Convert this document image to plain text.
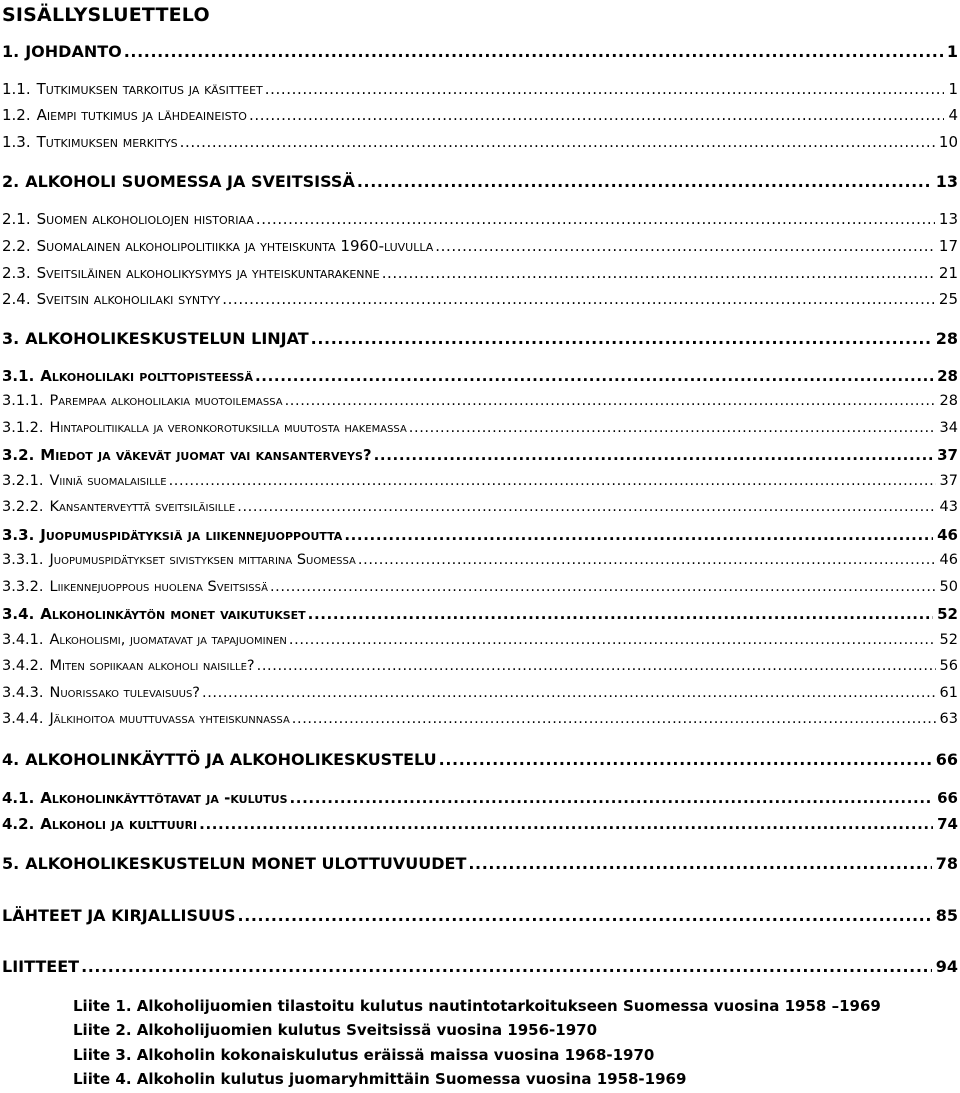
SISÄLLYSLUETTELO
1. JOHDANTO .....	1
1.1. Tutkimuksen tarkoitus ja käsitteet .....	1
1.2. Aiempi tutkimus ja lähdeaineisto .....	4
1.3. Tutkimuksen merkitys .....	10
2. ALKOHOLI SUOMESSA JA SVEITSISSÄ .....	13
2.1. Suomen alkoholiolojen historiaa .....	13
2.2. Suomalainen alkoholipolitiikka ja yhteiskunta 1960-luvulla .....	17
2.3. Sveitsiläinen alkoholikysymys ja yhteiskuntarakenne .....	21
2.4. Sveitsin alkoholilaki syntyy .....	25
3. ALKOHOLIKESKUSTELUN LINJAT .....	28
3.1. Alkoholilaki polttopisteessä .....	28
3.1.1. Parempaa alkoholilakia muotoilemassa .....	28
3.1.2. Hintapolitiikalla ja veronkorotuksilla muutosta hakemassa .....	34
3.2. Miedot ja väkevät juomat vai kansanterveys? .....	37
3.2.1. Viiniä suomalaisille .....	37
3.2.2. Kansanterveyttä sveitsiläisille .....	43
3.3. Juopumuspidätyksiä ja liikennejuoppoutta .....	46
3.3.1. Juopumuspidätykset sivistyksen mittarina Suomessa .....	46
3.3.2. Liikennejuoppous huolena Sveitsissä .....	50
3.4. Alkoholinkäytön monet vaikutukset .....	52
3.4.1. Alkoholismi, juomatavat ja tapajuominen .....	52
3.4.2. Miten sopiikaan alkoholi naisille? .....	56
3.4.3. Nuorissako tulevaisuus? .....	61
3.4.4. Jälkihoitoa muuttuvassa yhteiskunnassa .....	63
4. ALKOHOLINKÄYTTÖ JA ALKOHOLIKESKUSTELU .....	66
4.1. Alkoholinkäyttötavat ja -kulutus .....	66
4.2. Alkoholi ja kulttuuri .....	74
5. ALKOHOLIKESKUSTELUN MONET ULOTTUVUUDET .....	78
LÄHTEET JA KIRJALLISUUS .....	85
LIITTEET .....	94
Liite 1. Alkoholijuomien tilastoitu kulutus nautintotarkoitukseen Suomessa vuosina 1958 –1969
Liite 2. Alkoholijuomien kulutus Sveitsissä vuosina 1956-1970
Liite 3. Alkoholin kokonaiskulutus eräissä maissa vuosina 1968-1970
Liite 4. Alkoholin kulutus juomaryhmittäin Suomessa vuosina 1958-1969
